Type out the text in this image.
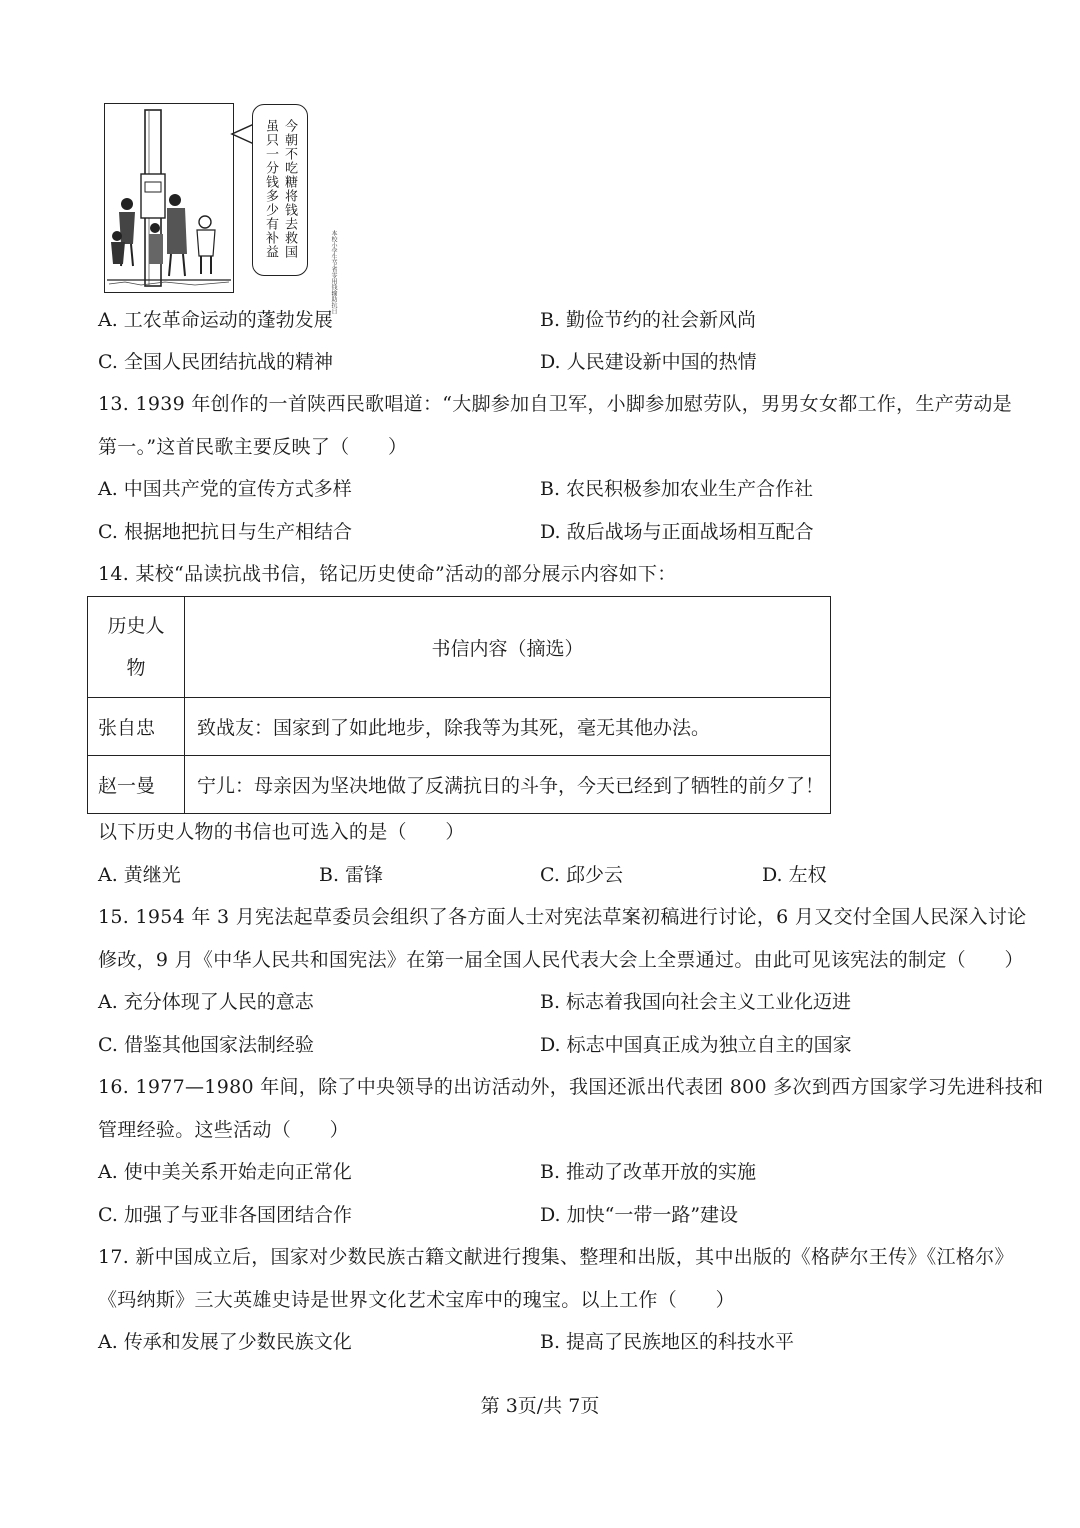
本校小学生节省零用钱输助抗日
今朝不吃糖将钱去救国虽只一分钱多少有补益
A. 工农革命运动的蓬勃发展	B. 勤俭节约的社会新风尚
C. 全国人民团结抗战的精神	D. 人民建设新中国的热情
13. 1939 年创作的一首陕西民歌唱道：“大脚参加自卫军，小脚参加慰劳队，男男女女都工作，生产劳动是
第一。”这首民歌主要反映了（　　）
A. 中国共产党的宣传方式多样	B. 农民积极参加农业生产合作社
C. 根据地把抗日与生产相结合	D. 敌后战场与正面战场相互配合
14. 某校“品读抗战书信，铭记历史使命”活动的部分展示内容如下：
历史人物	书信内容（摘选）
张自忠	致战友：国家到了如此地步，除我等为其死，毫无其他办法。
赵一曼	宁儿：母亲因为坚决地做了反满抗日的斗争，今天已经到了牺牲的前夕了！
以下历史人物的书信也可选入的是（　　）
A. 黄继光	B. 雷锋	C. 邱少云	D. 左权
15. 1954 年 3 月宪法起草委员会组织了各方面人士对宪法草案初稿进行讨论，6 月又交付全国人民深入讨论
修改，9 月《中华人民共和国宪法》在第一届全国人民代表大会上全票通过。由此可见该宪法的制定（　　）
A. 充分体现了人民的意志	B. 标志着我国向社会主义工业化迈进
C. 借鉴其他国家法制经验	D. 标志中国真正成为独立自主的国家
16. 1977—1980 年间，除了中央领导的出访活动外，我国还派出代表团 800 多次到西方国家学习先进科技和
管理经验。这些活动（　　）
A. 使中美关系开始走向正常化	B. 推动了改革开放的实施
C. 加强了与亚非各国团结合作	D. 加快“一带一路”建设
17. 新中国成立后，国家对少数民族古籍文献进行搜集、整理和出版，其中出版的《格萨尔王传》《江格尔》
《玛纳斯》三大英雄史诗是世界文化艺术宝库中的瑰宝。以上工作（　　）
A. 传承和发展了少数民族文化	B. 提高了民族地区的科技水平
第 3页/共 7页
